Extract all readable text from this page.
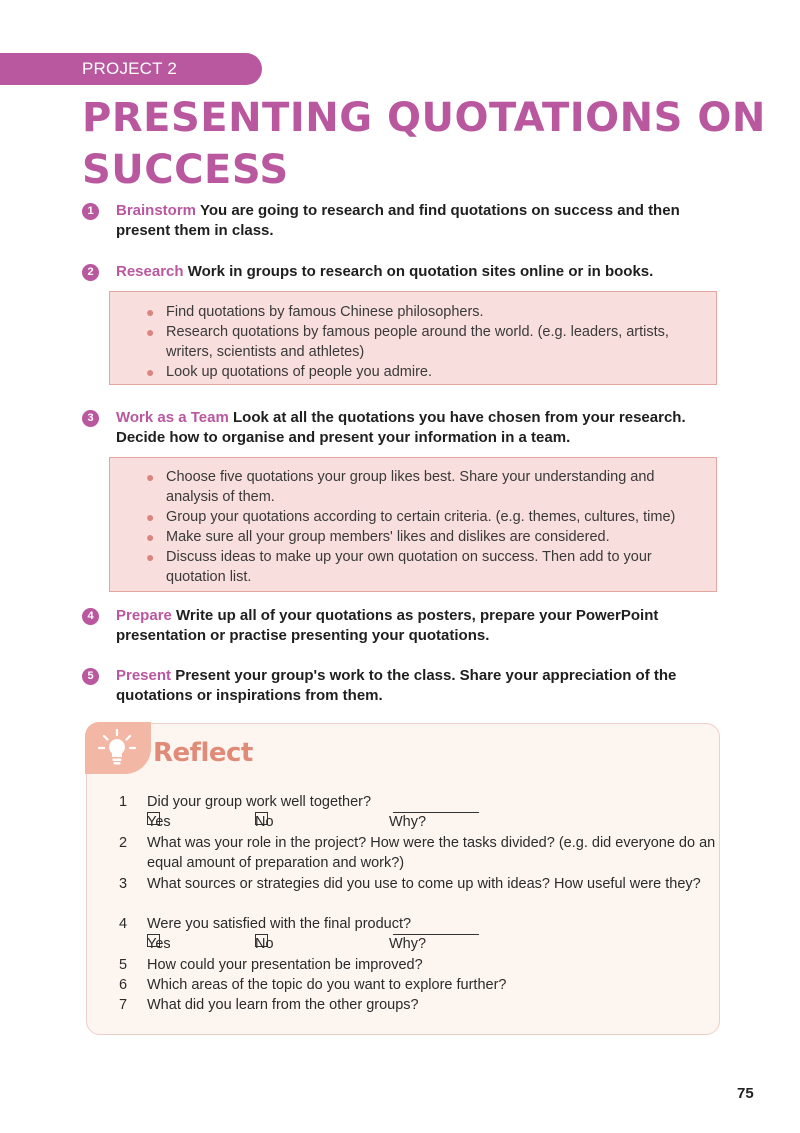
PROJECT 2
PRESENTING QUOTATIONS ON
SUCCESS
1	Brainstorm You are going to research and find quotations on success and then present them in class.
2	Research Work in groups to research on quotation sites online or in books.
● Find quotations by famous Chinese philosophers.
● Research quotations by famous people around the world. (e.g. leaders, artists, writers, scientists and athletes)
● Look up quotations of people you admire.
3	Work as a Team Look at all the quotations you have chosen from your research. Decide how to organise and present your information in a team.
● Choose five quotations your group likes best. Share your understanding and analysis of them.
● Group your quotations according to certain criteria. (e.g. themes, cultures, time)
● Make sure all your group members' likes and dislikes are considered.
● Discuss ideas to make up your own quotation on success. Then add to your quotation list.
4	Prepare Write up all of your quotations as posters, prepare your PowerPoint presentation or practise presenting your quotations.
5	Present Present your group's work to the class. Share your appreciation of the quotations or inspirations from them.
Reflect
1 Did your group work well together?
Yes	No	Why?
2 What was your role in the project? How were the tasks divided? (e.g. did everyone do an equal amount of preparation and work?)
3 What sources or strategies did you use to come up with ideas? How useful were they?
4 Were you satisfied with the final product?
Yes	No	Why?
5 How could your presentation be improved?
6 Which areas of the topic do you want to explore further?
7 What did you learn from the other groups?
75
